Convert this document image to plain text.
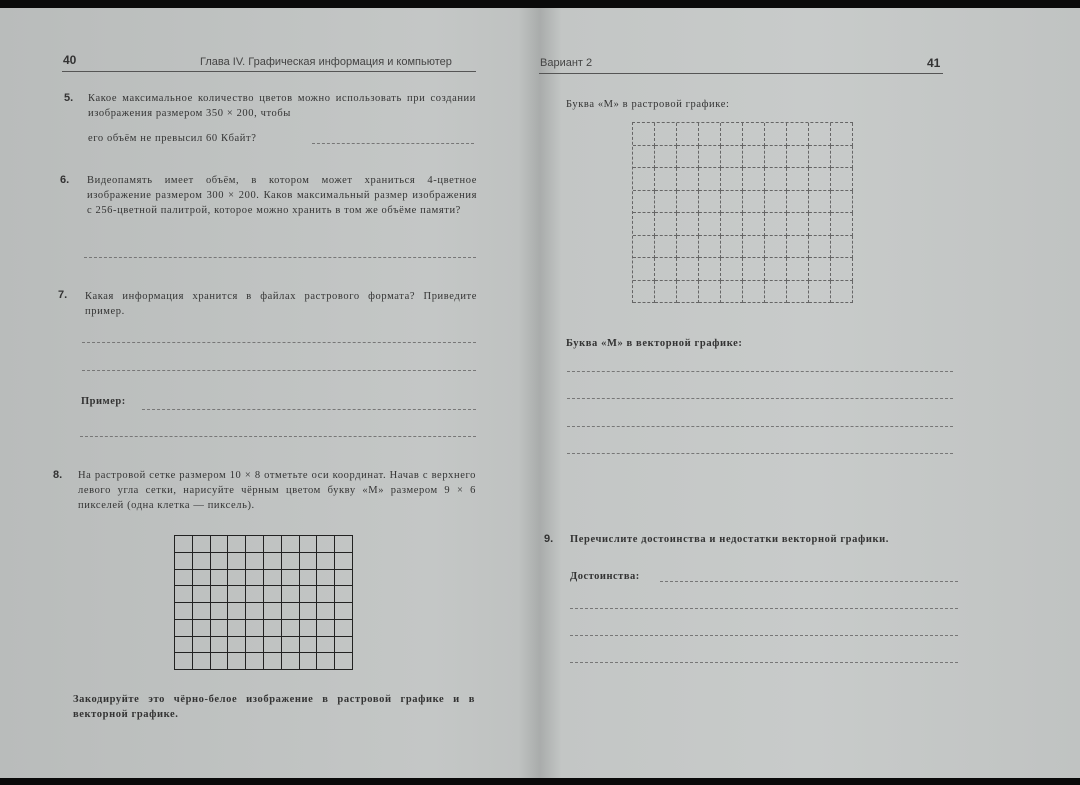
40	Глава IV. Графическая информация и компьютер
5. Какое максимальное количество цветов можно использовать при создании изображения размером 350 × 200, чтобы
его объём не превысил 60 Кбайт?
6. Видеопамять имеет объём, в котором может храниться 4-цветное изображение размером 300 × 200. Каков максимальный размер изображения с 256-цветной палитрой, которое можно хранить в том же объёме памяти?
7. Какая информация хранится в файлах растрового формата? Приведите пример.
Пример:
8. На растровой сетке размером 10 × 8 отметьте оси координат. Начав с верхнего левого угла сетки, нарисуйте чёрным цветом букву «М» размером 9 × 6 пикселей (одна клетка — пиксель).
Закодируйте это чёрно-белое изображение в растровой графике и в векторной графике.
Вариант 2	41
Буква «М» в растровой графике:
Буква «М» в векторной графике:
9. Перечислите достоинства и недостатки векторной графики.
Достоинства:
